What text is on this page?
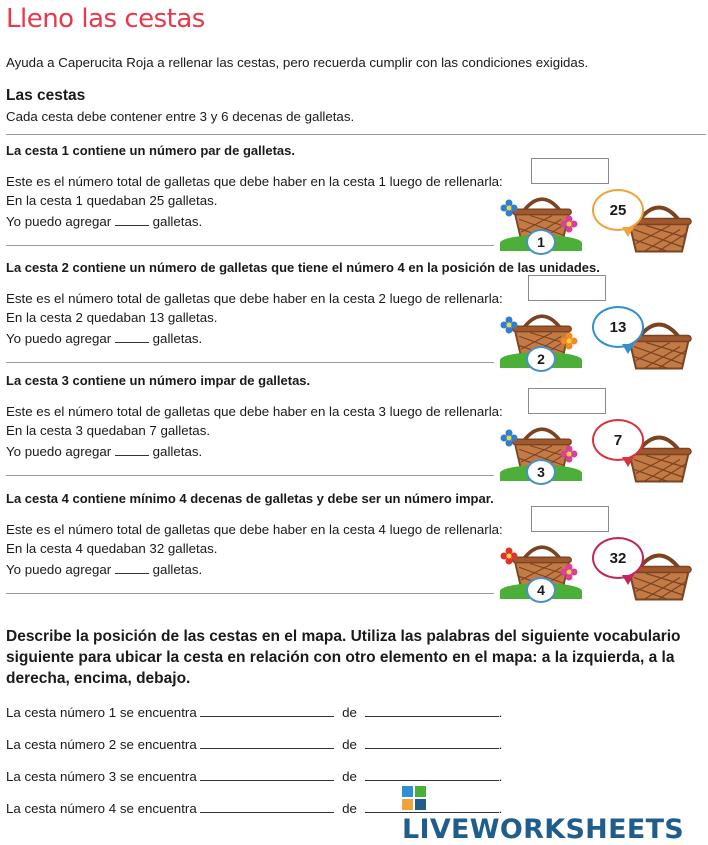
Lleno las cestas
Ayuda a Caperucita Roja a rellenar las cestas, pero recuerda cumplir con las condiciones exigidas.
Las cestas
Cada cesta debe contener entre 3 y 6 decenas de galletas.
La cesta 1 contiene un número par de galletas.
Este es el número total de galletas que debe haber en la cesta 1 luego de rellenarla:
En la cesta 1 quedaban 25 galletas.
Yo puedo agregar	galletas.
1
25
La cesta 2 contiene un número de galletas que tiene el número 4 en la posición de las unidades.
Este es el número total de galletas que debe haber en la cesta 2 luego de rellenarla:
En la cesta 2 quedaban 13 galletas.
Yo puedo agregar	galletas.
2
13
La cesta 3 contiene un número impar de galletas.
Este es el número total de galletas que debe haber en la cesta 3 luego de rellenarla:
En la cesta 3 quedaban 7 galletas.
Yo puedo agregar	galletas.
3
7
La cesta 4 contiene mínimo 4 decenas de galletas y debe ser un número impar.
Este es el número total de galletas que debe haber en la cesta 4 luego de rellenarla:
En la cesta 4 quedaban 32 galletas.
Yo puedo agregar	galletas.
4
32
Describe la posición de las cestas en el mapa. Utiliza las palabras del siguiente vocabulario siguiente para ubicar la cesta en relación con otro elemento en el mapa: a la izquierda, a la derecha, encima, debajo.
La cesta número 1 se encuentra	de	.
La cesta número 2 se encuentra	de	.
La cesta número 3 se encuentra	de	.
La cesta número 4 se encuentra	de	.
LIVEWORKSHEETS
